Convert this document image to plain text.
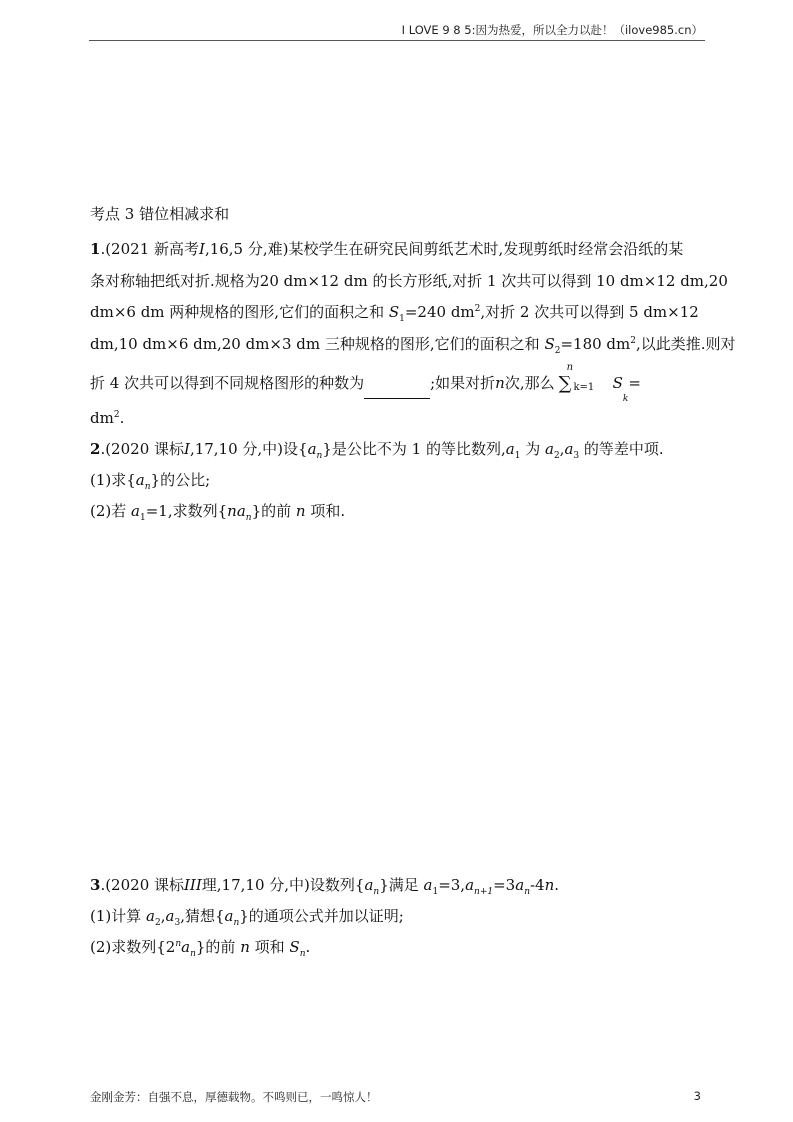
I LOVE 9 8 5:因为热爱，所以全力以赴！（ilove985.cn）
考点 3 错位相减求和
1.(2021 新高考I,16,5 分,难)某校学生在研究民间剪纸艺术时,发现剪纸时经常会沿纸的某
条对称轴把纸对折.规格为20 dm×12 dm 的长方形纸,对折 1 次共可以得到 10 dm×12 dm,20
dm×6 dm 两种规格的图形,它们的面积之和 $S_1=240$ $dm^2$,对折 2 次共可以得到 5 dm×12
dm,10 dm×6 dm,20 dm×3 dm 三种规格的图形,它们的面积之和 $S_2=180$ $dm^2$,以此类推.则对
折 4 次共可以得到不同规格图形的种数为	;如果对折 n 次,那么
n
∑ k=1
S
k
=
$dm^2$.
2.(2020 课标I,17,10 分,中)设$\{a_n\}$是公比不为 1 的等比数列$,a_1$ 为 $a_2,a_3$ 的等差中项.
(1)求$\{a_n\}$的公比;
(2)若 $a_1=1$,求数列$\{na_n\}$的前 n 项和.
3.(2020 课标III理,17,10 分,中)设数列$\{a_n\}$满足 $a_1=3,a_{n+1}=3a_n-4n$.
(1)计算 $a_2,a_3$,猜想$\{a_n\}$的通项公式并加以证明;
(2)求数列$\{2^na_n\}$的前 n 项和 $S_n$.
金刚金芳：自强不息，厚德载物。不鸣则已，一鸣惊人！	3
